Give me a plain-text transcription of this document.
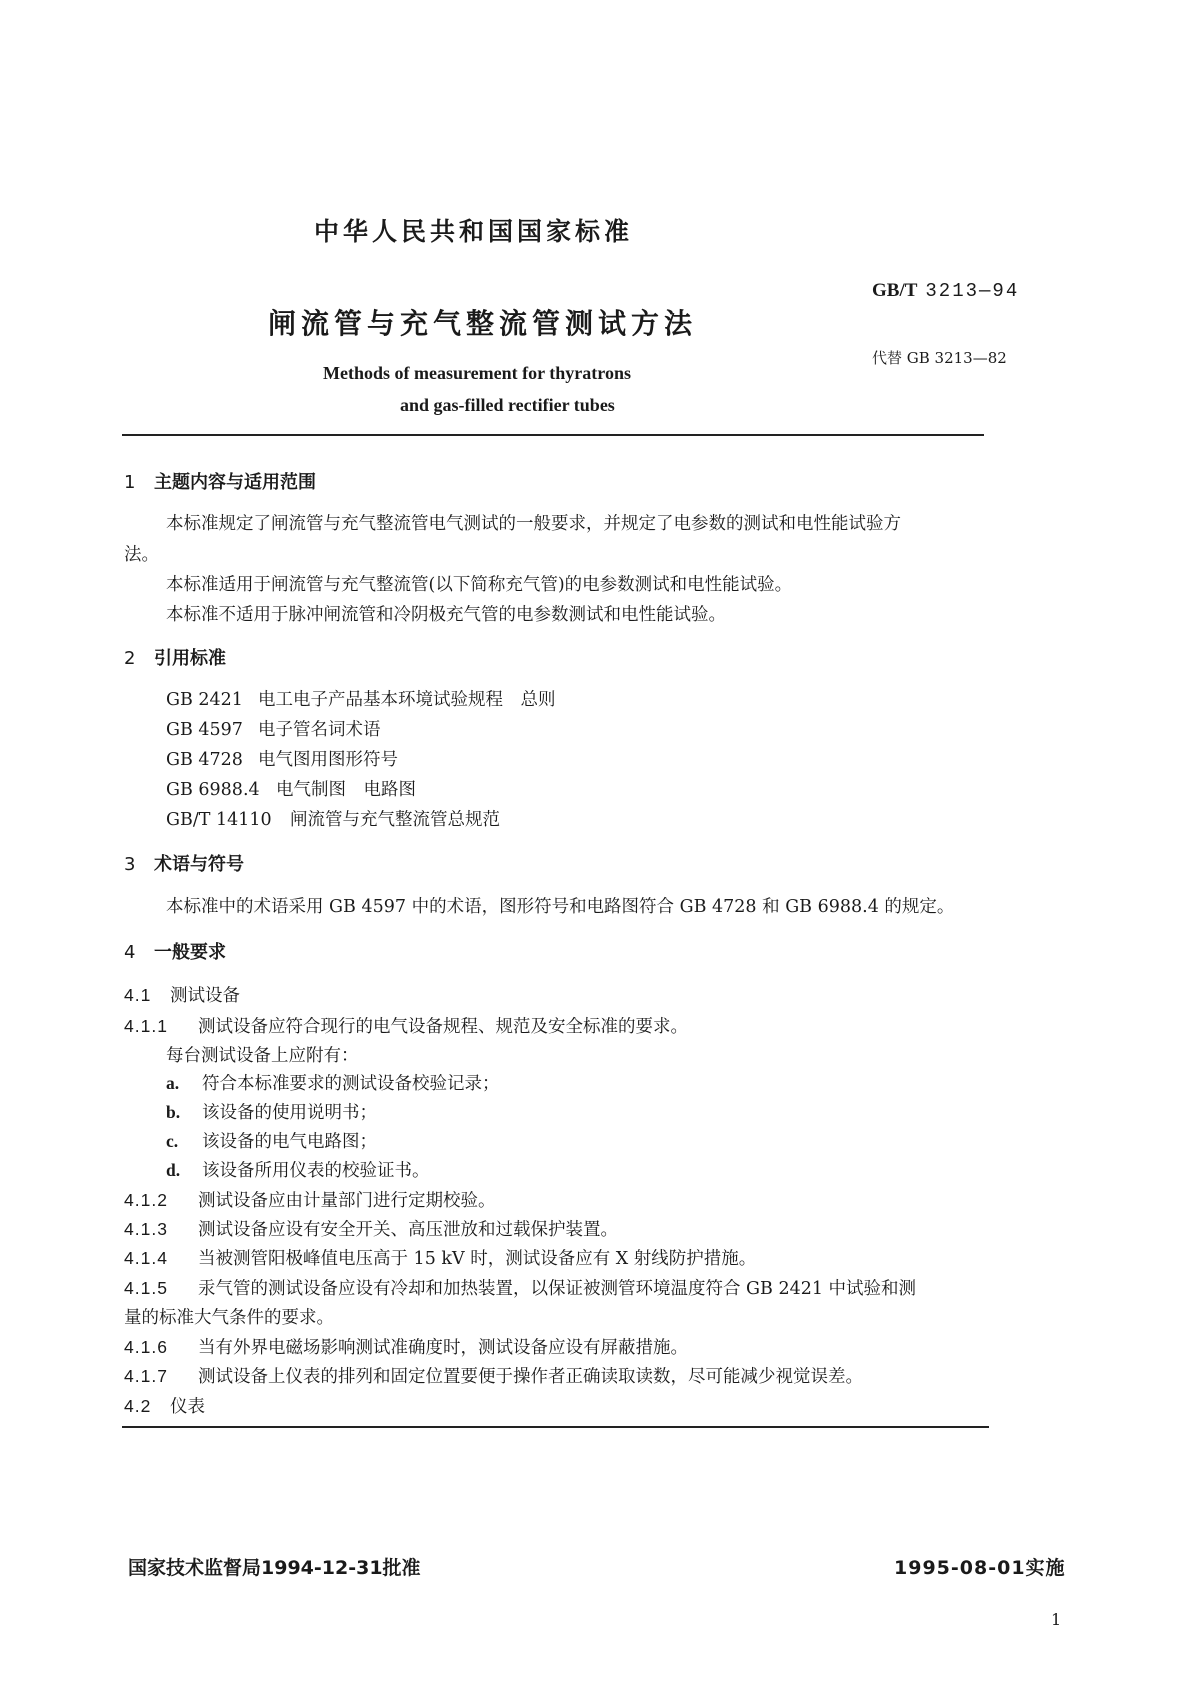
中华人民共和国国家标准
GB/T 3213—94
闸流管与充气整流管测试方法
代替 GB 3213—82
Methods of measurement for thyratrons
and gas-filled rectifier tubes
1 主题内容与适用范围
本标准规定了闸流管与充气整流管电气测试的一般要求，并规定了电参数的测试和电性能试验方
法。
本标准适用于闸流管与充气整流管(以下简称充气管)的电参数测试和电性能试验。
本标准不适用于脉冲闸流管和冷阴极充气管的电参数测试和电性能试验。
2 引用标准
GB 2421 电工电子产品基本环境试验规程　总则
GB 4597 电子管名词术语
GB 4728 电气图用图形符号
GB 6988.4 电气制图　电路图
GB/T 14110 闸流管与充气整流管总规范
3 术语与符号
本标准中的术语采用 GB 4597 中的术语，图形符号和电路图符合 GB 4728 和 GB 6988.4 的规定。
4 一般要求
4.1 测试设备
4.1.1 测试设备应符合现行的电气设备规程、规范及安全标准的要求。
每台测试设备上应附有：
a. 符合本标准要求的测试设备校验记录；
b. 该设备的使用说明书；
c. 该设备的电气电路图；
d. 该设备所用仪表的校验证书。
4.1.2 测试设备应由计量部门进行定期校验。
4.1.3 测试设备应设有安全开关、高压泄放和过载保护装置。
4.1.4 当被测管阳极峰值电压高于 15 kV 时，测试设备应有 X 射线防护措施。
4.1.5 汞气管的测试设备应设有冷却和加热装置，以保证被测管环境温度符合 GB 2421 中试验和测
量的标准大气条件的要求。
4.1.6 当有外界电磁场影响测试准确度时，测试设备应设有屏蔽措施。
4.1.7 测试设备上仪表的排列和固定位置要便于操作者正确读取读数，尽可能减少视觉误差。
4.2 仪表
国家技术监督局1994-12-31批准	1995-08-01实施
1
